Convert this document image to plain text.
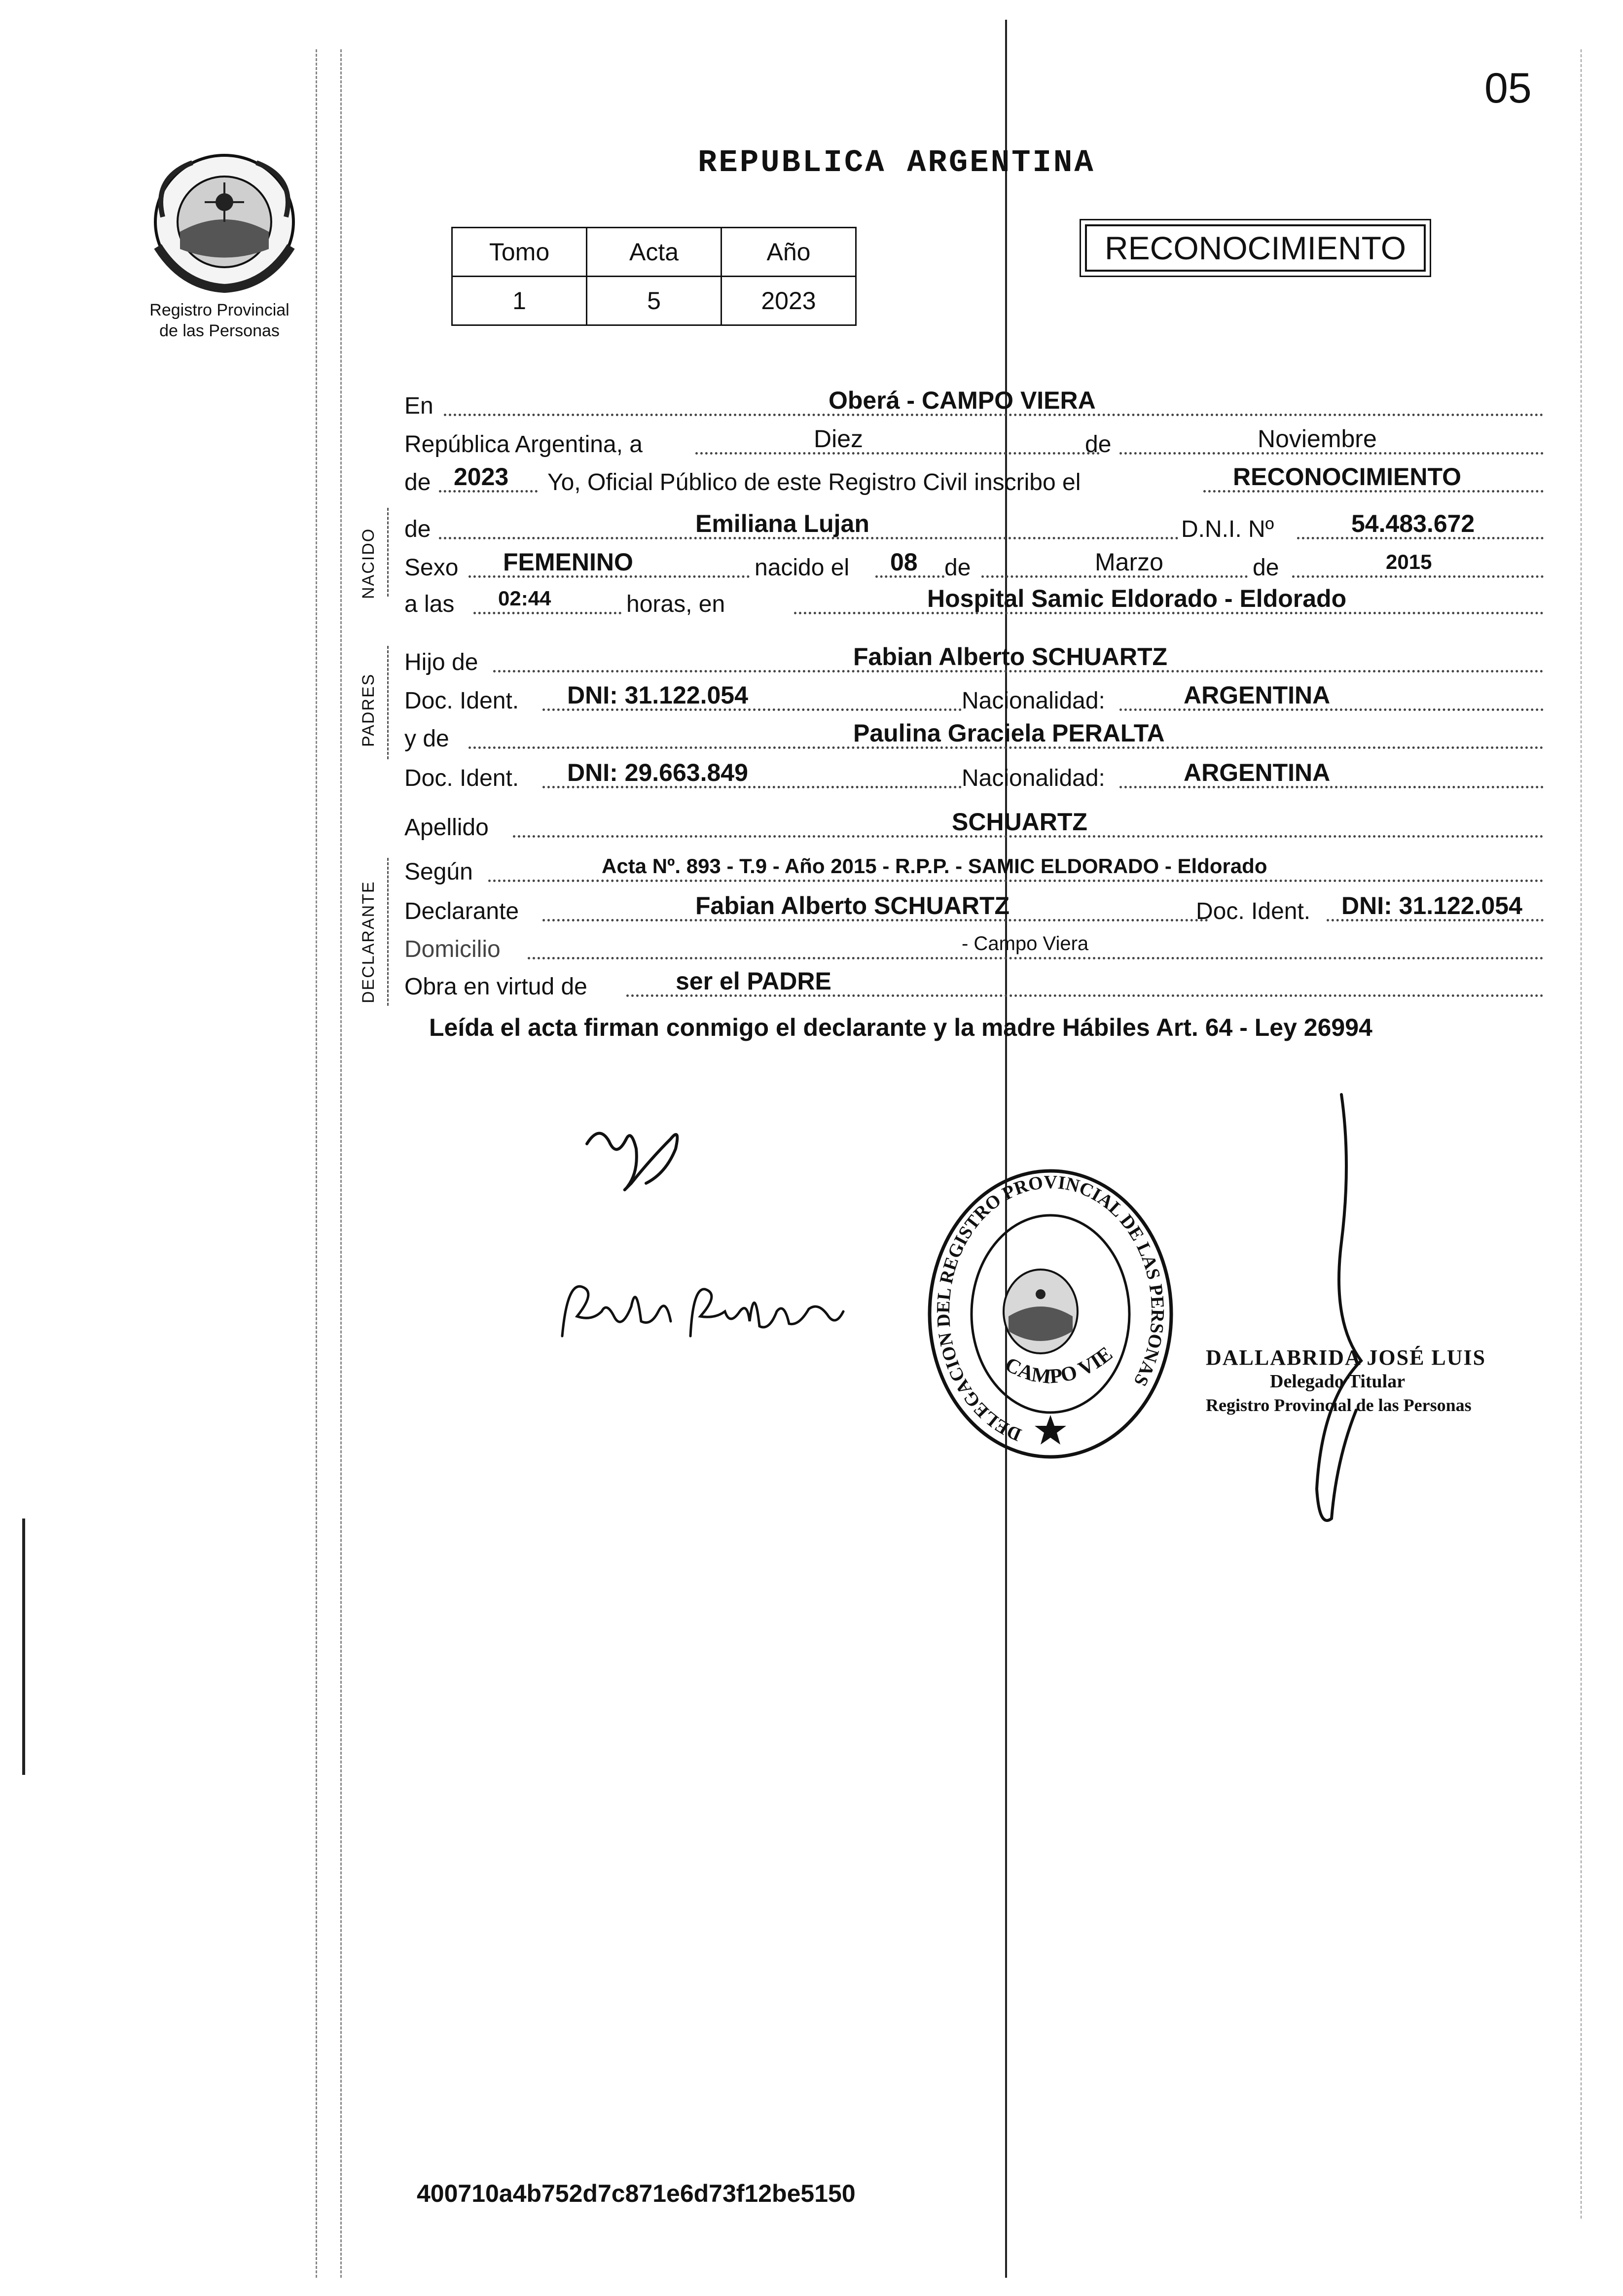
05
Registro Provincial
de las Personas
REPUBLICA ARGENTINA
Tomo	Acta	Año
1	5	2023
RECONOCIMIENTO
NACIDO
PADRES
DECLARANTE
En	Oberá - CAMPO VIERA
República Argentina, a	Diez	de	Noviembre
de 2023 Yo, Oficial Público de este Registro Civil inscribo el	RECONOCIMIENTO
de	Emiliana Lujan	D.N.I. Nº	54.483.672
Sexo FEMENINO	nacido el 08 de	Marzo	de	2015
a las 02:44	horas, en	Hospital Samic Eldorado - Eldorado
Hijo de	Fabian Alberto SCHUARTZ
Doc. Ident. DNI: 31.122.054	Nacionalidad:	ARGENTINA
y de	Paulina Graciela PERALTA
Doc. Ident. DNI: 29.663.849	Nacionalidad:	ARGENTINA
Apellido	SCHUARTZ
Según	Acta Nº. 893 - T.9 - Año 2015 - R.P.P. - SAMIC ELDORADO - Eldorado
Declarante	Fabian Alberto SCHUARTZ	Doc. Ident. DNI: 31.122.054
Domicilio	- Campo Viera
Obra en virtud de	ser el PADRE
Leída el acta firman conmigo el declarante y la madre Hábiles Art. 64 - Ley 26994
DELEGACION DEL REGISTRO PROVINCIAL DE LAS PERSONAS
CAMPO VIE	DALLABRIDA JOSÉ LUIS
Delegado Titular
Registro Provincial de las Personas
400710a4b752d7c871e6d73f12be5150
